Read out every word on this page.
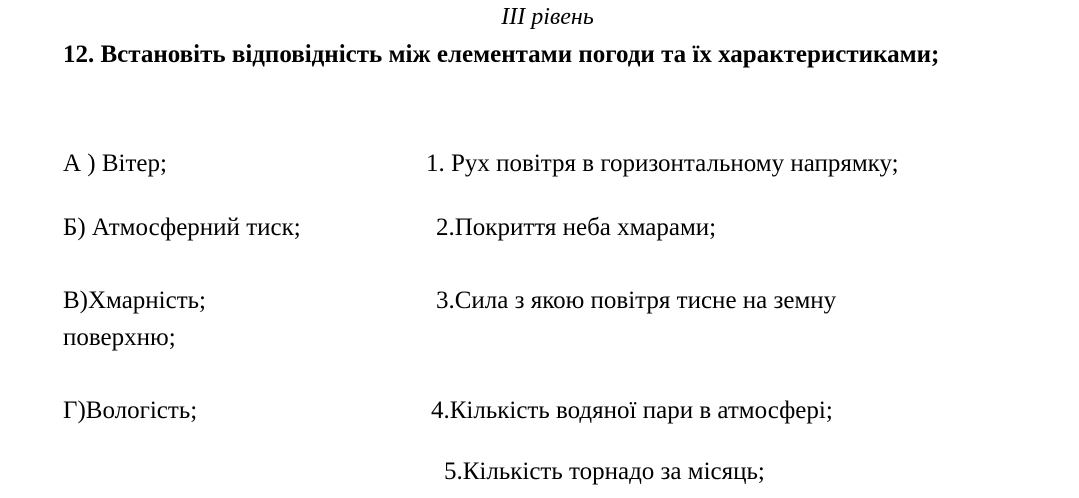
III рівень
12. Встановіть відповідність між елементами погоди та їх характеристиками;
А ) Вітер;	1. Рух повітря в горизонтальному напрямку;
Б) Атмосферний тиск;	2.Покриття неба хмарами;
В)Хмарність;	3.Сила з якою повітря тисне на земну
поверхню;
Г)Вологість;	4.Кількість водяної пари в атмосфері;
5.Кількість торнадо за місяць;
